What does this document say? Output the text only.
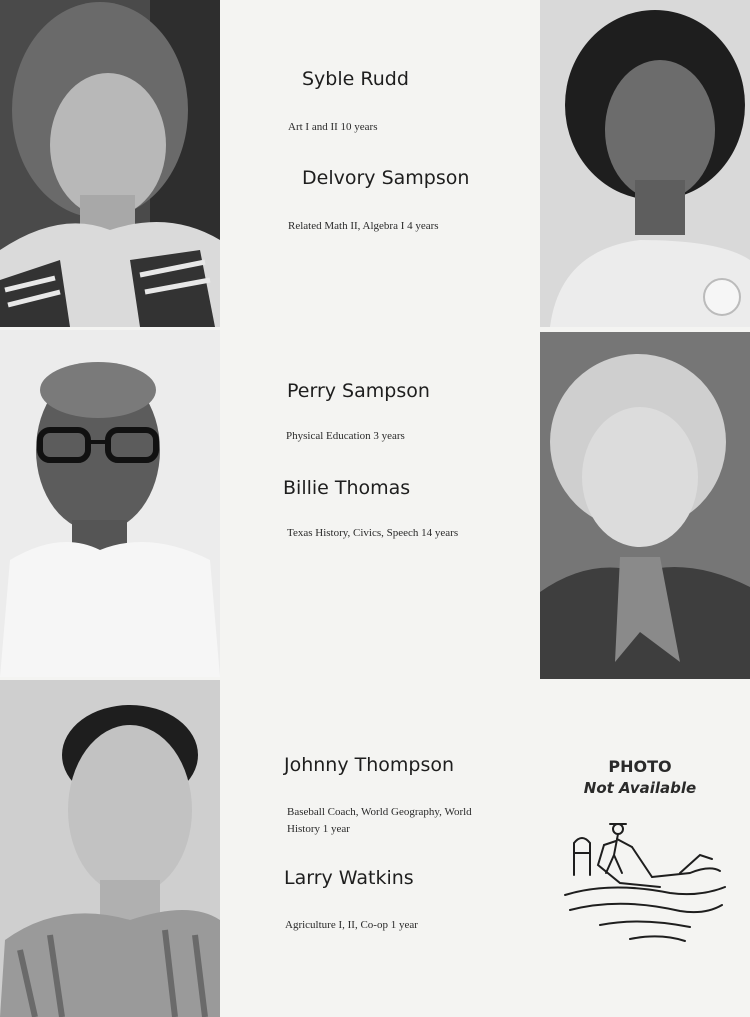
Syble Rudd
Art I and II 10 years
Delvory Sampson
Related Math II, Algebra I 4 years
Perry Sampson
Physical Education 3 years
Billie Thomas
Texas History, Civics, Speech 14 years
Johnny Thompson
Baseball Coach, World Geography, World History 1 year
Larry Watkins
Agriculture I, II, Co-op 1 year
PHOTO
Not Available
